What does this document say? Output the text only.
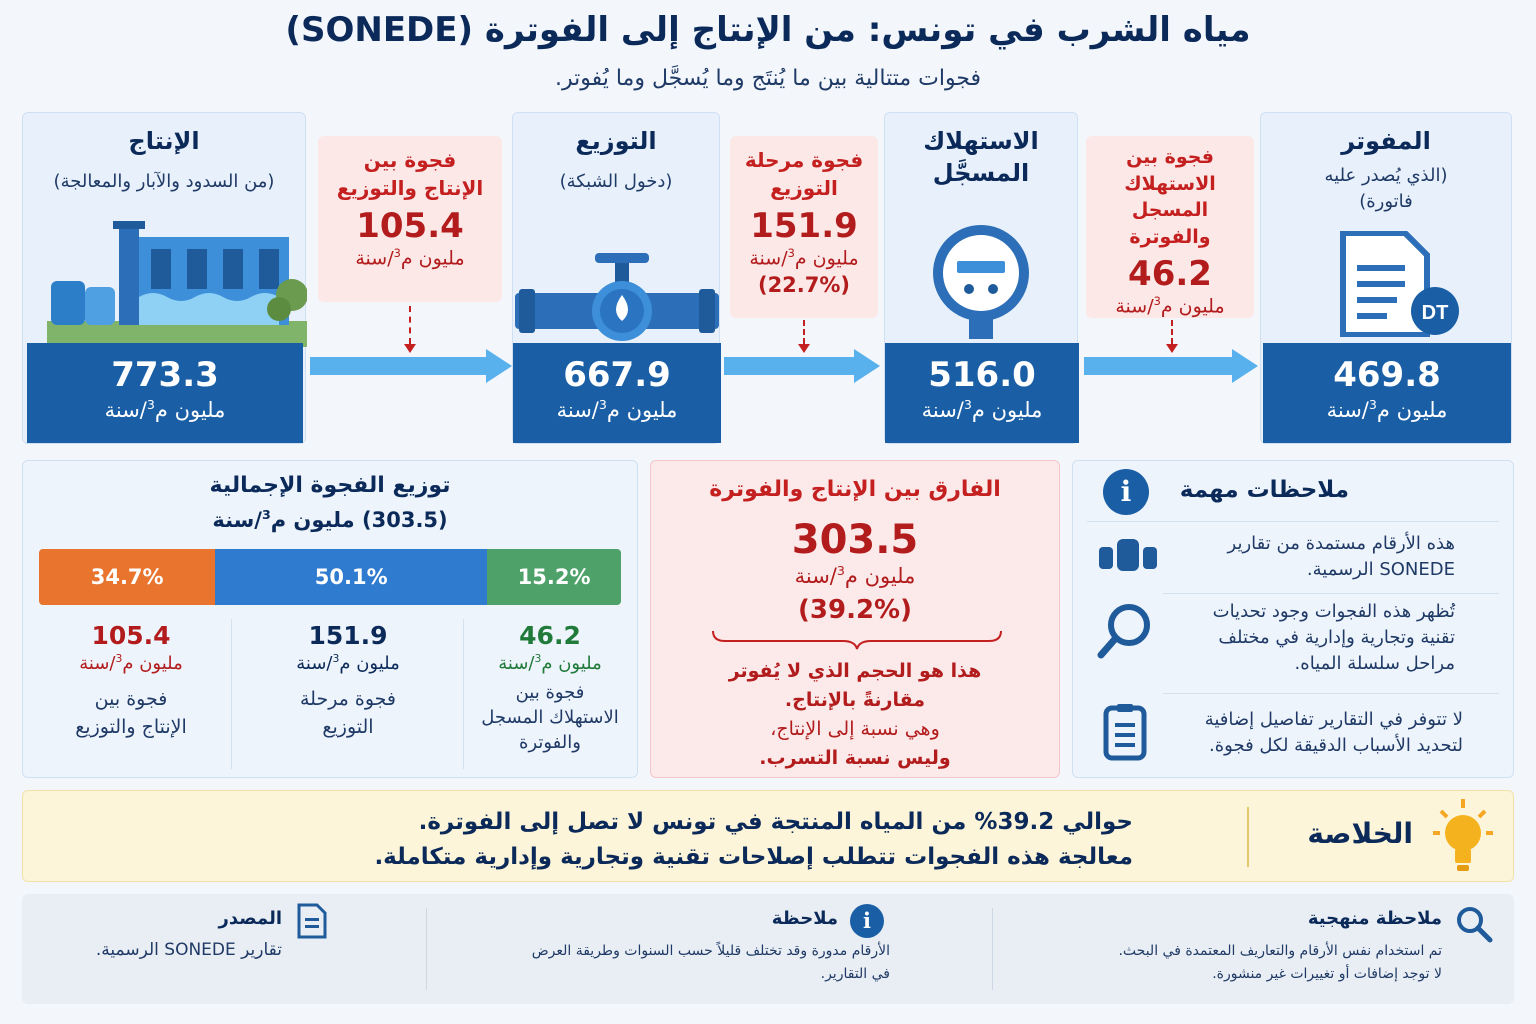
مياه الشرب في تونس: من الإنتاج إلى الفوترة (SONEDE)
فجوات متتالية بين ما يُنتَج وما يُسجَّل وما يُفوتر.
الإنتاج
(من السدود والآبار والمعالجة)
773.3
مليون م$^3$/سنة
فجوة بين
الإنتاج والتوزيع
105.4
مليون م$^3$/سنة
التوزيع
(دخول الشبكة)
667.9
مليون م$^3$/سنة
فجوة مرحلة
التوزيع
151.9
مليون م$^3$/سنة
(22.7%)
الاستهلاك
المسجَّل
516.0
مليون م$^3$/سنة
فجوة بين
الاستهلاك المسجل
والفوترة
46.2
مليون م$^3$/سنة
المفوتر
(الذي يُصدر عليه
فاتورة)
DT
469.8
مليون م$^3$/سنة
توزيع الفجوة الإجمالية
(303.5) مليون م$^3$/سنة
34.7%	50.1%	15.2%
105.4
مليون م$^3$/سنة
فجوة بين
الإنتاج والتوزيع
151.9
مليون م$^3$/سنة
فجوة مرحلة
التوزيع
46.2
مليون م$^3$/سنة
فجوة بين
الاستهلاك المسجل
والفوترة
الفارق بين الإنتاج والفوترة
303.5
مليون م$^3$/سنة
(39.2%)
هذا هو الحجم الذي لا يُفوتر
مقارنةً بالإنتاج.
وهي نسبة إلى الإنتاج،
وليس نسبة التسرب.
i	ملاحظات مهمة
هذه الأرقام مستمدة من تقارير
SONEDE الرسمية.
تُظهر هذه الفجوات وجود تحديات
تقنية وتجارية وإدارية في مختلف
مراحل سلسلة المياه.
لا تتوفر في التقارير تفاصيل إضافية
لتحديد الأسباب الدقيقة لكل فجوة.
الخلاصة
حوالي 39.2% من المياه المنتجة في تونس لا تصل إلى الفوترة.
معالجة هذه الفجوات تتطلب إصلاحات تقنية وتجارية وإدارية متكاملة.
ملاحظة منهجية
تم استخدام نفس الأرقام والتعاريف المعتمدة في البحث.
لا توجد إضافات أو تغييرات غير منشورة.
i
ملاحظة
الأرقام مدورة وقد تختلف قليلاً حسب السنوات وطريقة العرض
في التقارير.
المصدر
تقارير SONEDE الرسمية.
